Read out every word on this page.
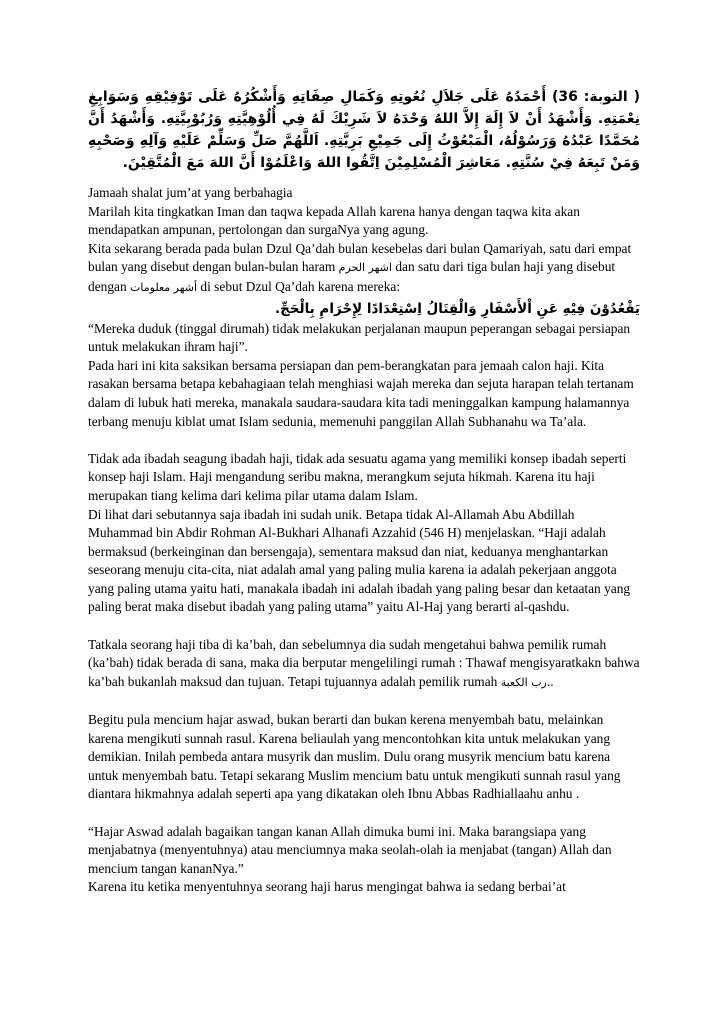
( التوبة: 36) أَحْمَدُهُ عَلَى جَلاَلِ نُعُوتِهِ وَكَمَالِ صِفَاتِهِ وَأَشْكُرُهُ عَلَى تَوْفِيْقِهِ وَسَوَابِغِ نِعْمَتِهِ. وَأَشْهَدُ أَنْ لاَ إِلَهَ إِلاَّ اللهُ وَحْدَهُ لاَ شَرِيْكَ لَهُ فِي أُلُوْهِيَّتِهِ وَرُبُوْبِيَّتِهِ. وَأَشْهَدُ أَنَّ مُحَمَّدًا عَبْدُهُ وَرَسُوْلُهُ، الْمَبْعُوْثُ إِلَى جَمِيْعِ بَرِيَّتِهِ. اَللَّهُمَّ صَلِّ وَسَلِّمْ عَلَيْهِ وَآلِهِ وَصَحْبِهِ وَمَنْ تَبِعَهُ فِيْ سُنَّتِهِ. مَعَاشِرَ الْمُسْلِمِيْنَ اِتَّقُوا اللهَ وَاعْلَمُوْا أَنَّ اللهَ مَعَ الْمُتَّقِيْنَ.

Jamaah shalat jum’at yang berbahagia

Marilah kita tingkatkan Iman dan taqwa kepada Allah karena hanya dengan taqwa kita akan mendapatkan ampunan, pertolongan dan surgaNya yang agung.

Kita sekarang berada pada bulan Dzul Qa’dah bulan kesebelas dari bulan Qamariyah, satu dari empat bulan yang disebut dengan bulan-bulan haram اشهر الحرم dan satu dari tiga bulan haji yang disebut dengan أشهر معلومات di sebut Dzul Qa’dah karena mereka:

يَقْعُدُوْنَ فِيْهِ عَنِ اْلأَسْفَارِ وَالْقِتَالُ اِسْتِعْدَادًا لِإِحْرَامِ بِالْحَجِّ.

“Mereka duduk (tinggal dirumah) tidak melakukan perjalanan maupun peperangan sebagai persiapan untuk melakukan ihram haji”.

Pada hari ini kita saksikan bersama persiapan dan pem-berangkatan para jemaah calon haji. Kita rasakan bersama betapa kebahagiaan telah menghiasi wajah mereka dan sejuta harapan telah tertanam dalam di lubuk hati mereka, manakala saudara-saudara kita tadi meninggalkan kampung halamannya terbang menuju kiblat umat Islam sedunia, memenuhi panggilan Allah Subhanahu wa Ta’ala.

Tidak ada ibadah seagung ibadah haji, tidak ada sesuatu agama yang memiliki konsep ibadah seperti konsep haji Islam. Haji mengandung seribu makna, merangkum sejuta hikmah. Karena itu haji merupakan tiang kelima dari kelima pilar utama dalam Islam.

Di lihat dari sebutannya saja ibadah ini sudah unik. Betapa tidak Al-Allamah Abu Abdillah Muhammad bin Abdir Rohman Al-Bukhari Alhanafi Azzahid (546 H) menjelaskan. “Haji adalah bermaksud (berkeinginan dan bersengaja), sementara maksud dan niat, keduanya menghantarkan seseorang menuju cita-cita, niat adalah amal yang paling mulia karena ia adalah pekerjaan anggota yang paling utama yaitu hati, manakala ibadah ini adalah ibadah yang paling besar dan ketaatan yang paling berat maka disebut ibadah yang paling utama” yaitu Al-Haj yang berarti al-qashdu.

Tatkala seorang haji tiba di ka’bah, dan sebelumnya dia sudah mengetahui bahwa pemilik rumah (ka’bah) tidak berada di sana, maka dia berputar mengelilingi rumah : Thawaf mengisyaratkakn bahwa ka’bah bukanlah maksud dan tujuan. Tetapi tujuannya adalah pemilik rumah رب الكعبة..

Begitu pula mencium hajar aswad, bukan berarti dan bukan kerena menyembah batu, melainkan karena mengikuti sunnah rasul. Karena beliaulah yang mencontohkan kita untuk melakukan yang demikian. Inilah pembeda antara musyrik dan muslim. Dulu orang musyrik mencium batu karena untuk menyembah batu. Tetapi sekarang Muslim mencium batu untuk mengikuti sunnah rasul yang diantara hikmahnya adalah seperti apa yang dikatakan oleh Ibnu Abbas Radhiallaahu anhu .

“Hajar Aswad adalah bagaikan tangan kanan Allah dimuka bumi ini. Maka barangsiapa yang menjabatnya (menyentuhnya) atau menciumnya maka seolah-olah ia menjabat (tangan) Allah dan mencium tangan kananNya.”

Karena itu ketika menyentuhnya seorang haji harus mengingat bahwa ia sedang berbai’at
